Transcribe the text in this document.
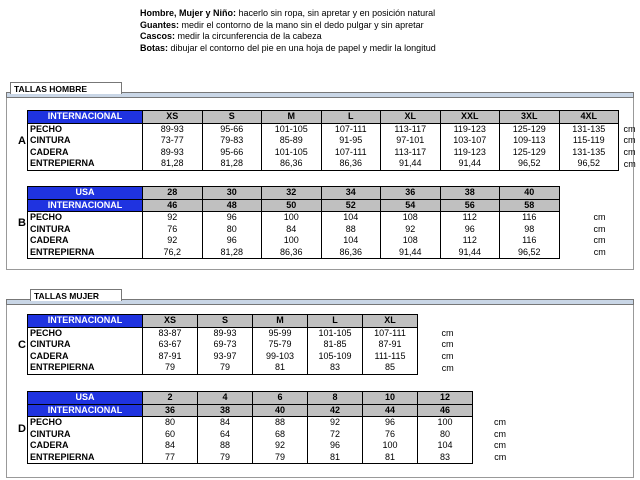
Hombre, Mujer y Niño: hacerlo sin ropa, sin apretar y en posición natural
Guantes: medir el contorno de la mano sin el dedo pulgar y sin apretar
Cascos: medir la circunferencia de la cabeza
Botas: dibujar el contorno del pie en una hoja de papel y medir la longitud
TALLAS HOMBRE
A
B
INTERNACIONAL	XS	S	M	L	XL	XXL	3XL	4XL	
PECHO	89-93	95-66	101-105	107-111	113-117	119-123	125-129	131-135	cm
CINTURA	73-77	79-83	85-89	91-95	97-101	103-107	109-113	115-119	cm
CADERA	89-93	95-66	101-105	107-111	113-117	119-123	125-129	131-135	cm
ENTREPIERNA	81,28	81,28	86,36	86,36	91,44	91,44	96,52	96,52	cm
USA	28	30	32	34	36	38	40	
INTERNACIONAL	46	48	50	52	54	56	58	
PECHO	92	96	100	104	108	112	116	cm
CINTURA	76	80	84	88	92	96	98	cm
CADERA	92	96	100	104	108	112	116	cm
ENTREPIERNA	76,2	81,28	86,36	86,36	91,44	91,44	96,52	cm
TALLAS MUJER
C
D
INTERNACIONAL	XS	S	M	L	XL	
PECHO	83-87	89-93	95-99	101-105	107-111	cm
CINTURA	63-67	69-73	75-79	81-85	87-91	cm
CADERA	87-91	93-97	99-103	105-109	111-115	cm
ENTREPIERNA	79	79	81	83	85	cm
USA	2	4	6	8	10	12	
INTERNACIONAL	36	38	40	42	44	46	
PECHO	80	84	88	92	96	100	cm
CINTURA	60	64	68	72	76	80	cm
CADERA	84	88	92	96	100	104	cm
ENTREPIERNA	77	79	79	81	81	83	cm
